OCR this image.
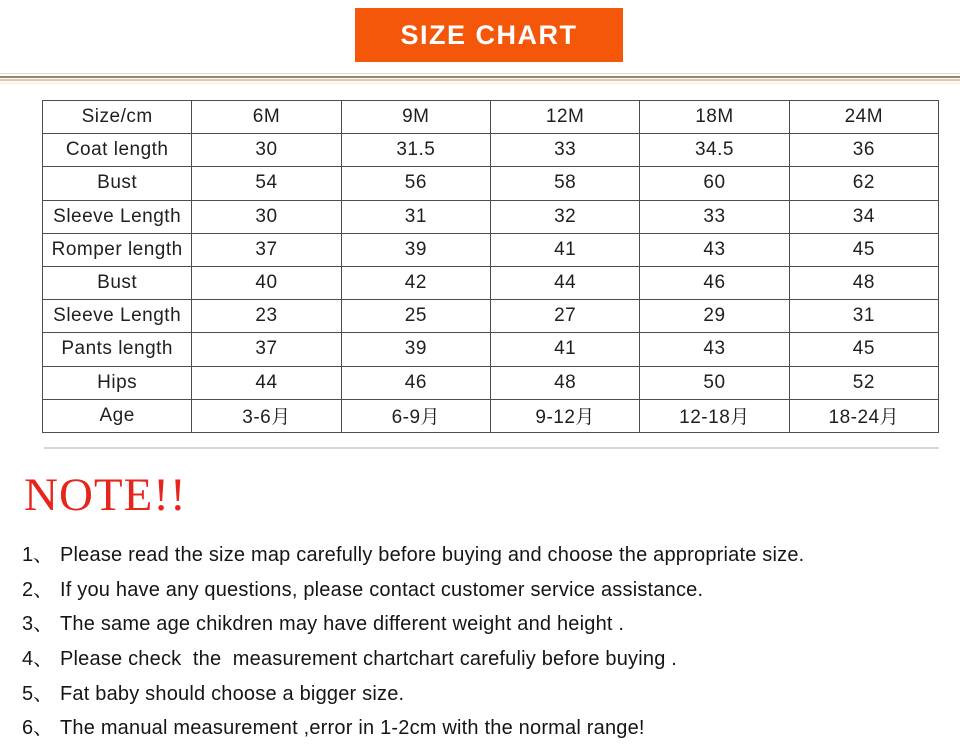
SIZE CHART
Size/cm	6M	9M	12M	18M	24M
Coat length	30	31.5	33	34.5	36
Bust	54	56	58	60	62
Sleeve Length	30	31	32	33	34
Romper length	37	39	41	43	45
Bust	40	42	44	46	48
Sleeve Length	23	25	27	29	31
Pants length	37	39	41	43	45
Hips	44	46	48	50	52
Age	3-6月	6-9月	9-12月	12-18月	18-24月
NOTE!!
1、 Please read the size map carefully before buying and choose the appropriate size.
2、 If you have any questions, please contact customer service assistance.
3、 The same age chikdren may have different weight and height .
4、 Please check  the  measurement chartchart carefuliy before buying .
5、 Fat baby should choose a bigger size.
6、 The manual measurement ,error in 1-2cm with the normal range!
